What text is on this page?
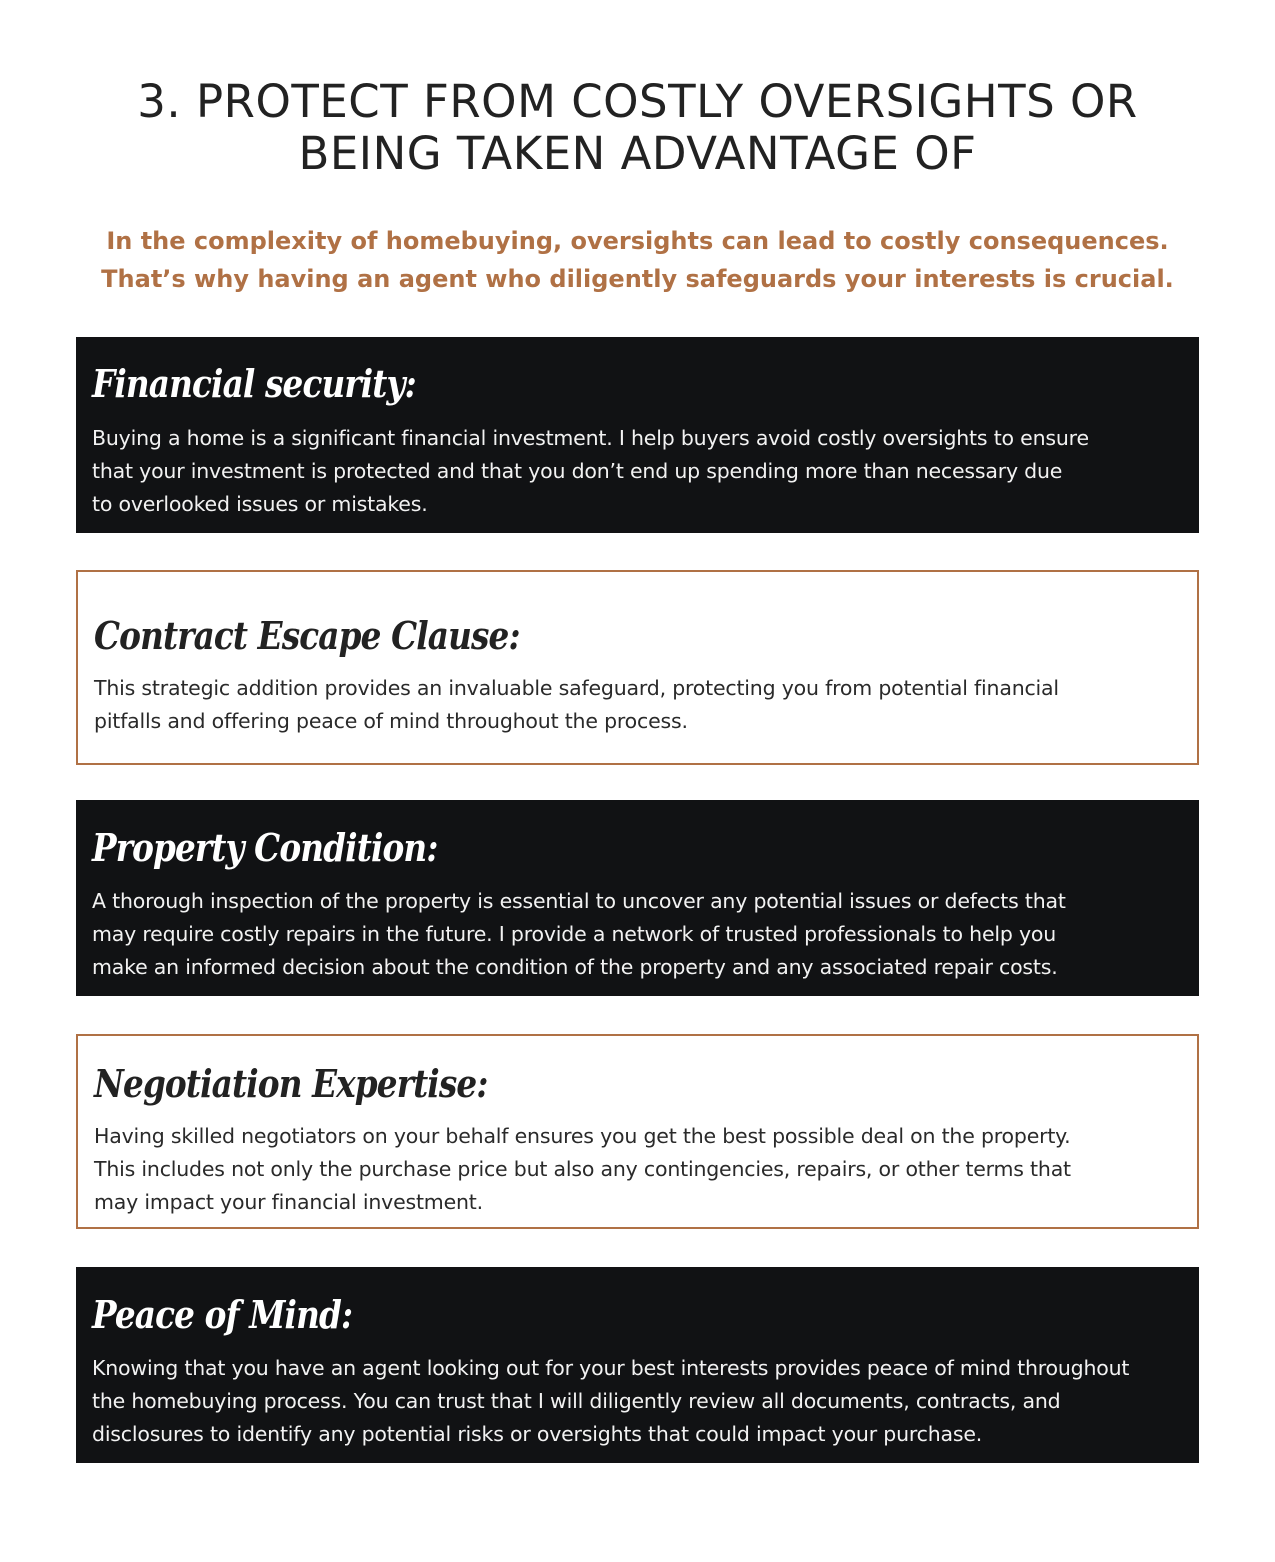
3. PROTECT FROM COSTLY OVERSIGHTS OR
BEING TAKEN ADVANTAGE OF

In the complexity of homebuying, oversights can lead to costly consequences.
That’s why having an agent who diligently safeguards your interests is crucial.

Financial security:

Buying a home is a significant financial investment. I help buyers avoid costly oversights to ensure
that your investment is protected and that you don’t end up spending more than necessary due
to overlooked issues or mistakes.

Contract Escape Clause:

This strategic addition provides an invaluable safeguard, protecting you from potential financial
pitfalls and offering peace of mind throughout the process.

Property Condition:

A thorough inspection of the property is essential to uncover any potential issues or defects that
may require costly repairs in the future. I provide a network of trusted professionals to help you
make an informed decision about the condition of the property and any associated repair costs.

Negotiation Expertise:

Having skilled negotiators on your behalf ensures you get the best possible deal on the property.
This includes not only the purchase price but also any contingencies, repairs, or other terms that
may impact your financial investment.

Peace of Mind:

Knowing that you have an agent looking out for your best interests provides peace of mind throughout
the homebuying process. You can trust that I will diligently review all documents, contracts, and
disclosures to identify any potential risks or oversights that could impact your purchase.
